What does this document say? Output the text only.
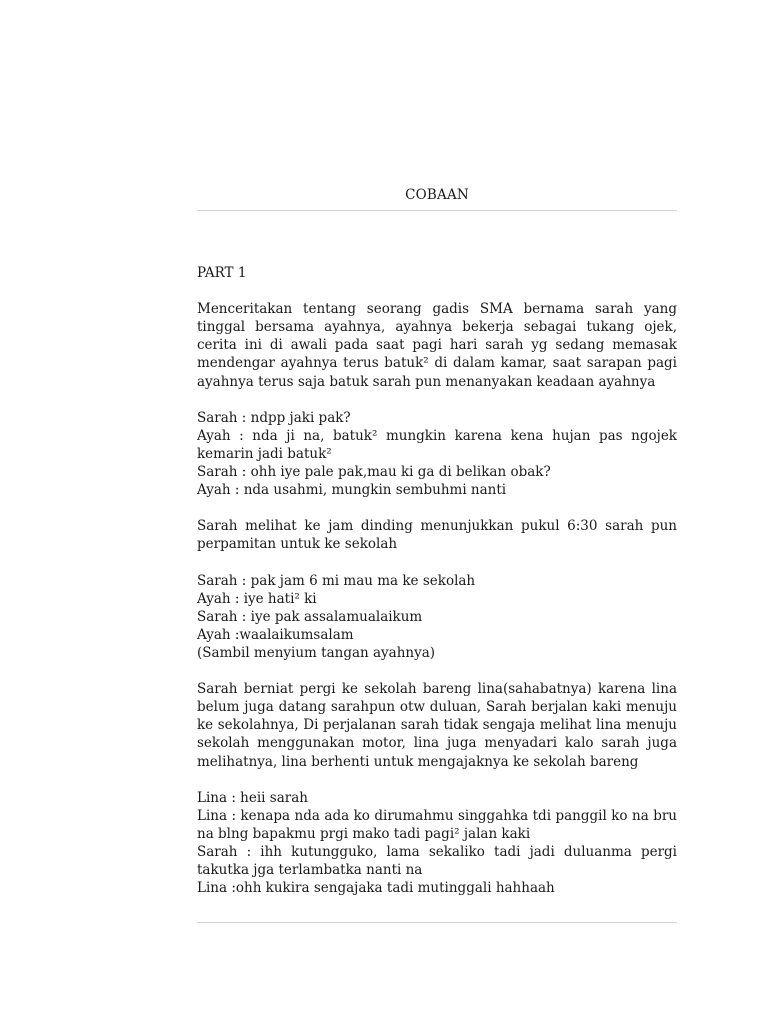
COBAAN

PART 1

Menceritakan tentang seorang gadis SMA bernama sarah yang tinggal bersama ayahnya, ayahnya bekerja sebagai tukang ojek, cerita ini di awali pada saat pagi hari sarah yg sedang memasak mendengar ayahnya terus batuk² di dalam kamar, saat sarapan pagi ayahnya terus saja batuk sarah pun menanyakan keadaan ayahnya

Sarah : ndpp jaki pak?

Ayah : nda ji na, batuk² mungkin karena kena hujan pas ngojek kemarin jadi batuk²

Sarah : ohh iye pale pak,mau ki ga di belikan obak?

Ayah : nda usahmi, mungkin sembuhmi nanti

Sarah melihat ke jam dinding menunjukkan pukul 6:30 sarah pun perpamitan untuk ke sekolah

Sarah : pak jam 6 mi mau ma ke sekolah

Ayah : iye hati² ki

Sarah : iye pak assalamualaikum

Ayah :waalaikumsalam

(Sambil menyium tangan ayahnya)

Sarah berniat pergi ke sekolah bareng lina(sahabatnya) karena lina belum juga datang sarahpun otw duluan, Sarah berjalan kaki menuju ke sekolahnya, Di perjalanan sarah tidak sengaja melihat lina menuju sekolah menggunakan motor, lina juga menyadari kalo sarah juga melihatnya, lina berhenti untuk mengajaknya ke sekolah bareng

Lina : heii sarah

Lina : kenapa nda ada ko dirumahmu singgahka tdi panggil ko na bru na blng bapakmu prgi mako tadi pagi² jalan kaki

Sarah : ihh kutungguko, lama sekaliko tadi jadi duluanma pergi takutka jga terlambatka nanti na

Lina :ohh kukira sengajaka tadi mutinggali hahhaah
